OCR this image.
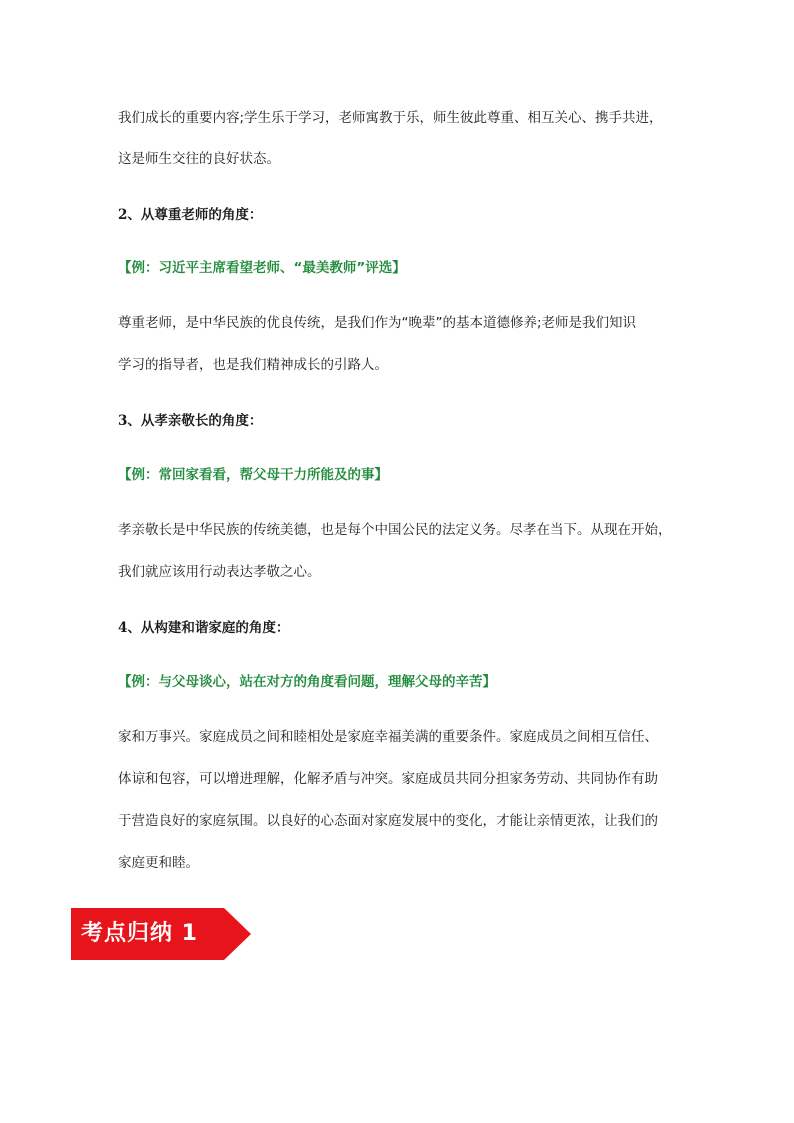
我们成长的重要内容;学生乐于学习，老师寓教于乐，师生彼此尊重、相互关心、携手共进，
这是师生交往的良好状态。
2、从尊重老师的角度：
【例：习近平主席看望老师、“最美教师”评选】
尊重老师，是中华民族的优良传统，是我们作为“晚辈”的基本道德修养;老师是我们知识
学习的指导者，也是我们精神成长的引路人。
3、从孝亲敬长的角度：
【例：常回家看看，帮父母干力所能及的事】
孝亲敬长是中华民族的传统美德，也是每个中国公民的法定义务。尽孝在当下。从现在开始，
我们就应该用行动表达孝敬之心。
4、从构建和谐家庭的角度：
【例：与父母谈心，站在对方的角度看问题，理解父母的辛苦】
家和万事兴。家庭成员之间和睦相处是家庭幸福美满的重要条件。家庭成员之间相互信任、
体谅和包容，可以增进理解，化解矛盾与冲突。家庭成员共同分担家务劳动、共同协作有助
于营造良好的家庭氛围。以良好的心态面对家庭发展中的变化，才能让亲情更浓，让我们的
家庭更和睦。
考点归纳 1
